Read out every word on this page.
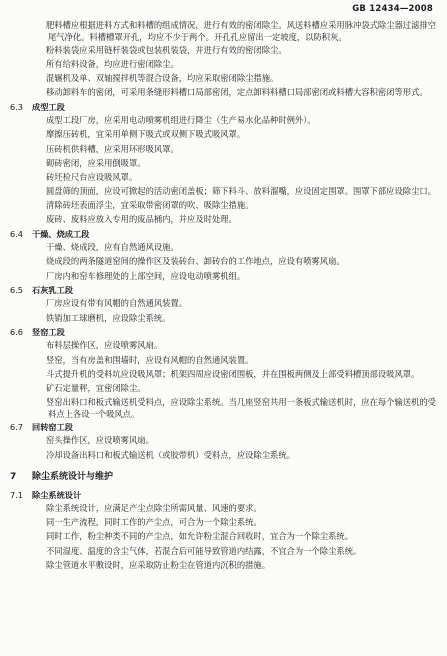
GB 12434—2008
肥料槽应根据进料方式和料槽的组成情况，进行有效的密闭除尘。风送料槽应采用脉冲袋式除尘器过滤排空尾气净化。料槽槽罩开孔，均应不少于两个。开孔孔应留出一定坡度，以防积灰。
粉料装袋应采用链杆装袋或包装机装袋，并进行有效的密闭除尘。
所有给料设备，均应进行密闭除尘。
混辗机及单、双轴搅拌机等混合设备，均应采取密闭除尘措施。
移动卸料车的密闭，可采用条缝形料槽口局部密闭，定点卸料料槽口局部密闭或料槽大容积密闭等形式。
6.3 成型工段
成型工段厂房，应采用电动喷雾机组进行降尘（生产易水化品种时例外）。
摩擦压砖机，宜采用单侧下吸式或双侧下吸式吸风罩。
压砖机供料槽，应采用环形吸风罩。
砌砖密闭，应采用倒吸罩。
砖坯检尺台应设吸风罩。
圆盘筛的顶面，应设可掀起的活动密闭盖板；筛下料斗、放料溜嘴，应设固定围罩。围罩下部应设除尘口。
清除砖坯表面浮尘，宜采取带密闭罩的吹、吸除尘措施。
废砖、废料应放入专用的废品桶内，并应及时处理。
6.4 干燥、烧成工段
干燥、烧成段，应有自然通风设施。
烧成段的两条隧道窑间的操作区及装砖台、卸砖台的工作地点，应设有喷雾风扇。
厂房内和窑车修理处的上部空间，应设电动喷雾机组。
6.5 石灰乳工段
厂房应设有带有风帽的自然通风装置。
铁销加工球磨机，应设除尘系统。
6.6 竖窑工段
布料层操作区，应设喷雾风扇。
竖窑，当有房盖和围墙时，应设有风帽的自然通风装置。
斗式提升机的受料坑应设吸风罩；机架四周应设密闭围板，并在围板两侧及上部受料槽顶部设吸风罩。
矿石定量秤，宜密闭除尘。
竖窑出料口和板式输送机受料点，应设除尘系统。当几座竖窑共用一条板式输送机时，应在每个输送机的受料点上各设一个吸风点。
6.7 回转窑工段
窑头操作区，应设喷雾风扇。
冷却设备出料口和板式输送机（或胶带机）受料点，应设除尘系统。
7 除尘系统设计与维护
7.1 除尘系统设计
除尘系统设计，应满足产尘点除尘所需风量、风速的要求。
同一生产流程，同时工作的产尘点，可合为一个除尘系统。
同时工作，粉尘种类不同的产尘点，如允许粉尘混合回收时，宜合为一个除尘系统。
不同湿度、温度的含尘气体，若混合后可能导致管道内结露，不宜合为一个除尘系统。
除尘管道水平敷设时，应采取防止粉尘在管道内沉积的措施。
